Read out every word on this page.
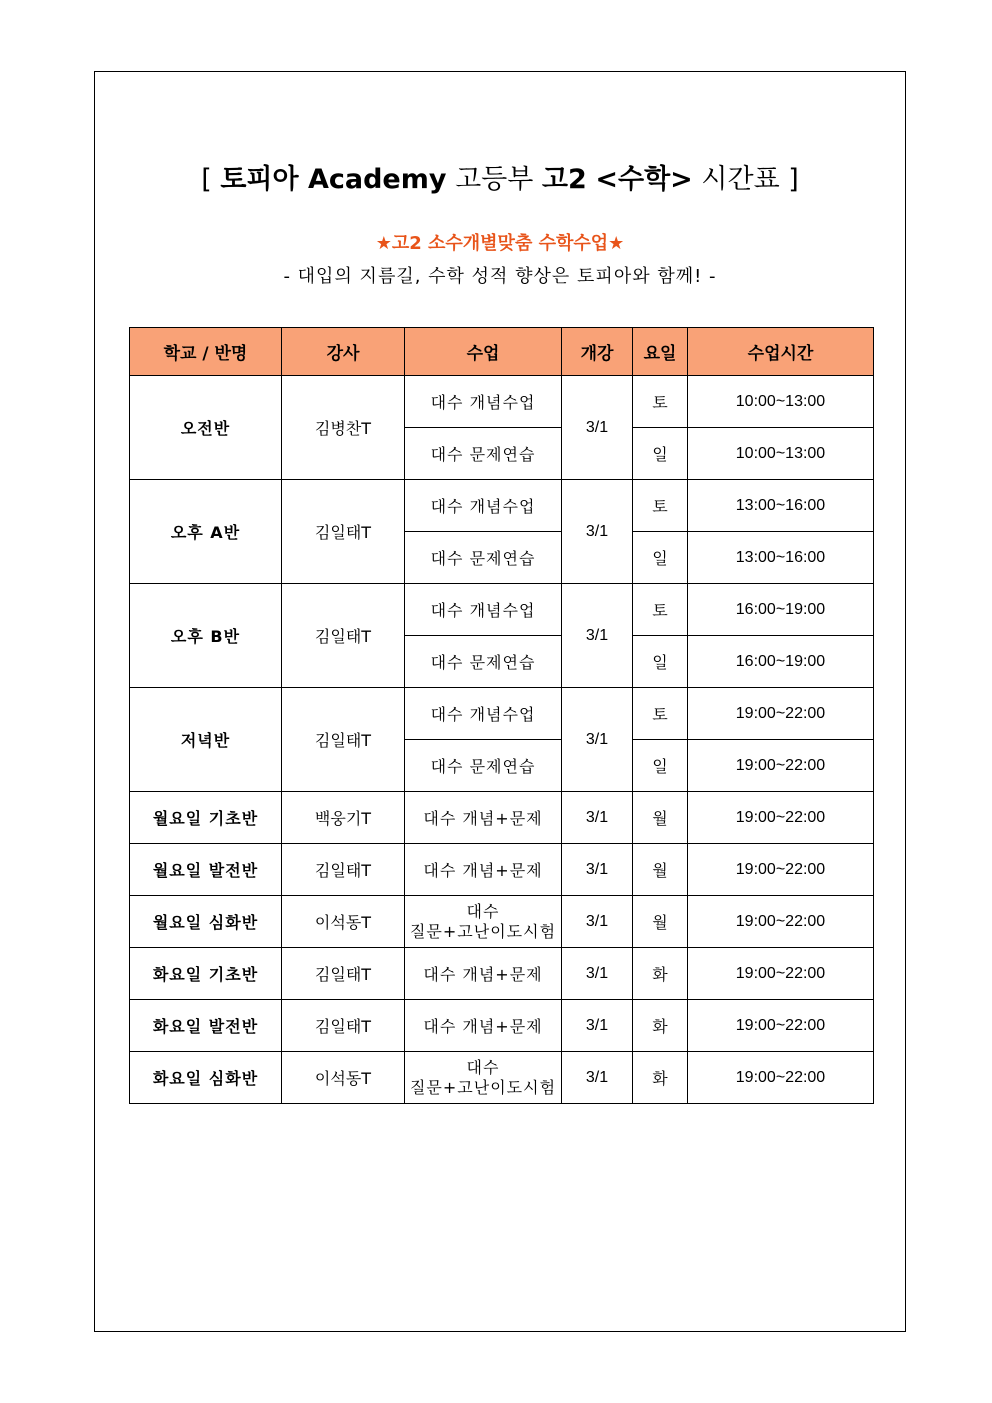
[ 토피아 Academy 고등부 고2 <수학> 시간표 ]
★고2 소수개별맞춤 수학수업★
- 대입의 지름길, 수학 성적 향상은 토피아와 함께! -
학교 / 반명	강사	수업	개강	요일	수업시간
오전반	김병찬T	대수 개념수업	3/1	토	10:00~13:00
		대수 문제연습		일	10:00~13:00
오후 A반	김일태T	대수 개념수업	3/1	토	13:00~16:00
		대수 문제연습		일	13:00~16:00
오후 B반	김일태T	대수 개념수업	3/1	토	16:00~19:00
		대수 문제연습		일	16:00~19:00
저녁반	김일태T	대수 개념수업	3/1	토	19:00~22:00
		대수 문제연습		일	19:00~22:00
월요일 기초반	백웅기T	대수 개념+문제	3/1	월	19:00~22:00
월요일 발전반	김일태T	대수 개념+문제	3/1	월	19:00~22:00
월요일 심화반	이석동T	대수
질문+고난이도시험	3/1	월	19:00~22:00
화요일 기초반	김일태T	대수 개념+문제	3/1	화	19:00~22:00
화요일 발전반	김일태T	대수 개념+문제	3/1	화	19:00~22:00
화요일 심화반	이석동T	대수
질문+고난이도시험	3/1	화	19:00~22:00
